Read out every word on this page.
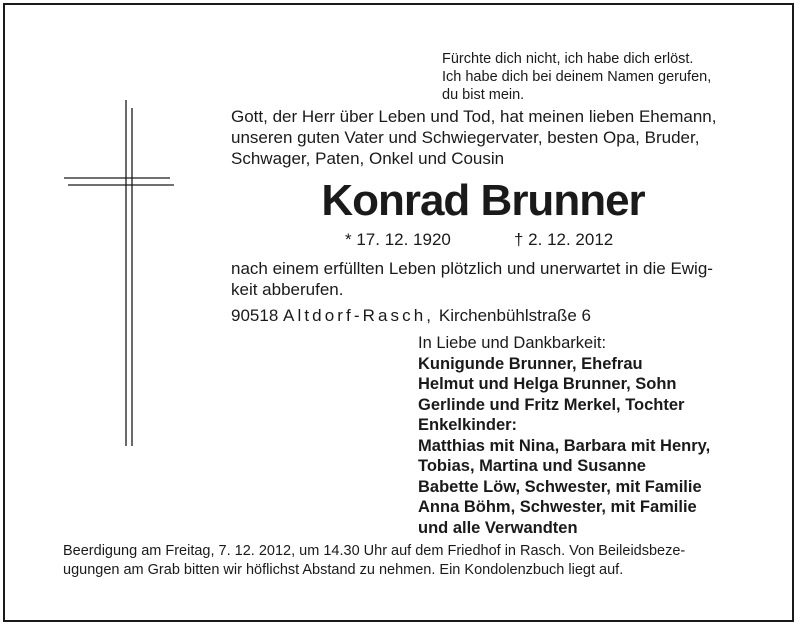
Fürchte dich nicht, ich habe dich erlöst.
Ich habe dich bei deinem Namen gerufen,
du bist mein.
Gott, der Herr über Leben und Tod, hat meinen lieben Ehemann,
unseren guten Vater und Schwiegervater, besten Opa, Bruder,
Schwager, Paten, Onkel und Cousin
Konrad Brunner
* 17. 12. 1920	† 2. 12. 2012
nach einem erfüllten Leben plötzlich und unerwartet in die Ewig-
keit abberufen.
90518 Altdorf-Rasch, Kirchenbühlstraße 6
In Liebe und Dankbarkeit:
Kunigunde Brunner, Ehefrau
Helmut und Helga Brunner, Sohn
Gerlinde und Fritz Merkel, Tochter
Enkelkinder:
Matthias mit Nina, Barbara mit Henry,
Tobias, Martina und Susanne
Babette Löw, Schwester, mit Familie
Anna Böhm, Schwester, mit Familie
und alle Verwandten
Beerdigung am Freitag, 7. 12. 2012, um 14.30 Uhr auf dem Friedhof in Rasch. Von Beileidsbeze-
ugungen am Grab bitten wir höflichst Abstand zu nehmen. Ein Kondolenzbuch liegt auf.
